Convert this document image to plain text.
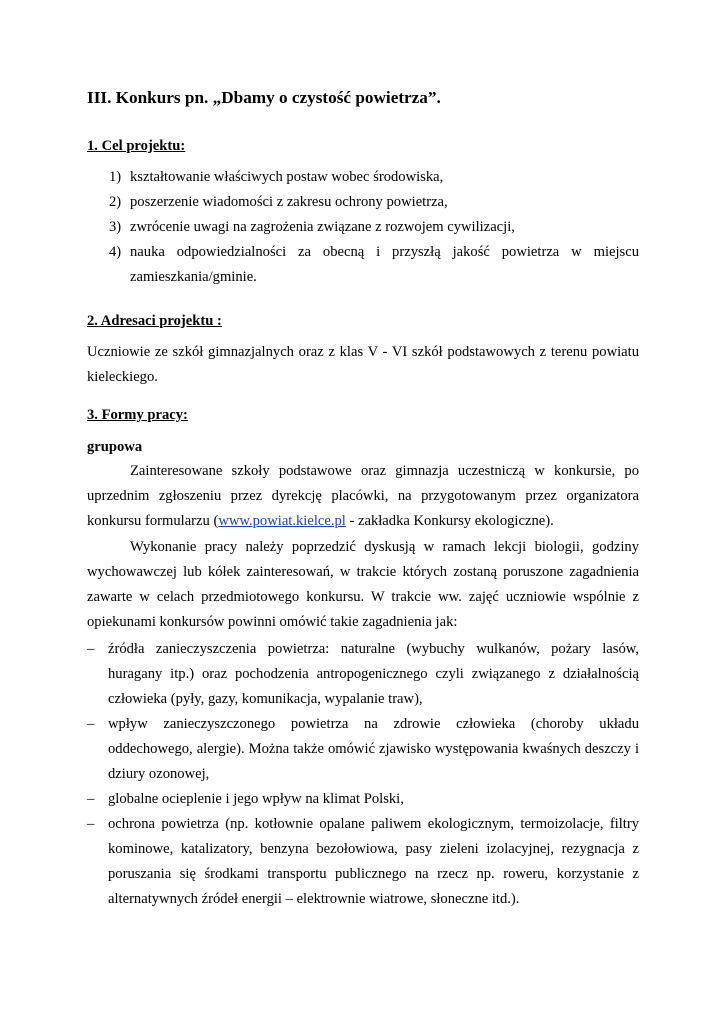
III. Konkurs pn. „Dbamy o czystość powietrza”.
1. Cel projektu:
1) kształtowanie właściwych postaw wobec środowiska,
2) poszerzenie wiadomości z zakresu ochrony powietrza,
3) zwrócenie uwagi na zagrożenia związane z rozwojem cywilizacji,
4) nauka odpowiedzialności za obecną i przyszłą jakość powietrza w miejscu zamieszkania/gminie.
2. Adresaci projektu :

Uczniowie ze szkół gimnazjalnych oraz z klas V - VI szkół podstawowych z terenu powiatu kieleckiego.

3. Formy pracy:
grupowa

Zainteresowane szkoły podstawowe oraz gimnazja uczestniczą w konkursie, po uprzednim zgłoszeniu przez dyrekcję placówki, na przygotowanym przez organizatora konkursu formularzu (www.powiat.kielce.pl - zakładka Konkursy ekologiczne).

Wykonanie pracy należy poprzedzić dyskusją w ramach lekcji biologii, godziny wychowawczej lub kółek zainteresowań, w trakcie których zostaną poruszone zagadnienia zawarte w celach przedmiotowego konkursu. W trakcie ww. zajęć uczniowie wspólnie z opiekunami konkursów powinni omówić takie zagadnienia jak:

– źródła zanieczyszczenia powietrza: naturalne (wybuchy wulkanów, pożary lasów, huragany itp.) oraz pochodzenia antropogenicznego czyli związanego z działalnością człowieka (pyły, gazy, komunikacja, wypalanie traw),
– wpływ zanieczyszczonego powietrza na zdrowie człowieka (choroby układu oddechowego, alergie). Można także omówić zjawisko występowania kwaśnych deszczy i dziury ozonowej,
– globalne ocieplenie i jego wpływ na klimat Polski,
– ochrona powietrza (np. kotłownie opalane paliwem ekologicznym, termoizolacje, filtry kominowe, katalizatory, benzyna bezołowiowa, pasy zieleni izolacyjnej, rezygnacja z poruszania się środkami transportu publicznego na rzecz np. roweru, korzystanie z alternatywnych źródeł energii – elektrownie wiatrowe, słoneczne itd.).
